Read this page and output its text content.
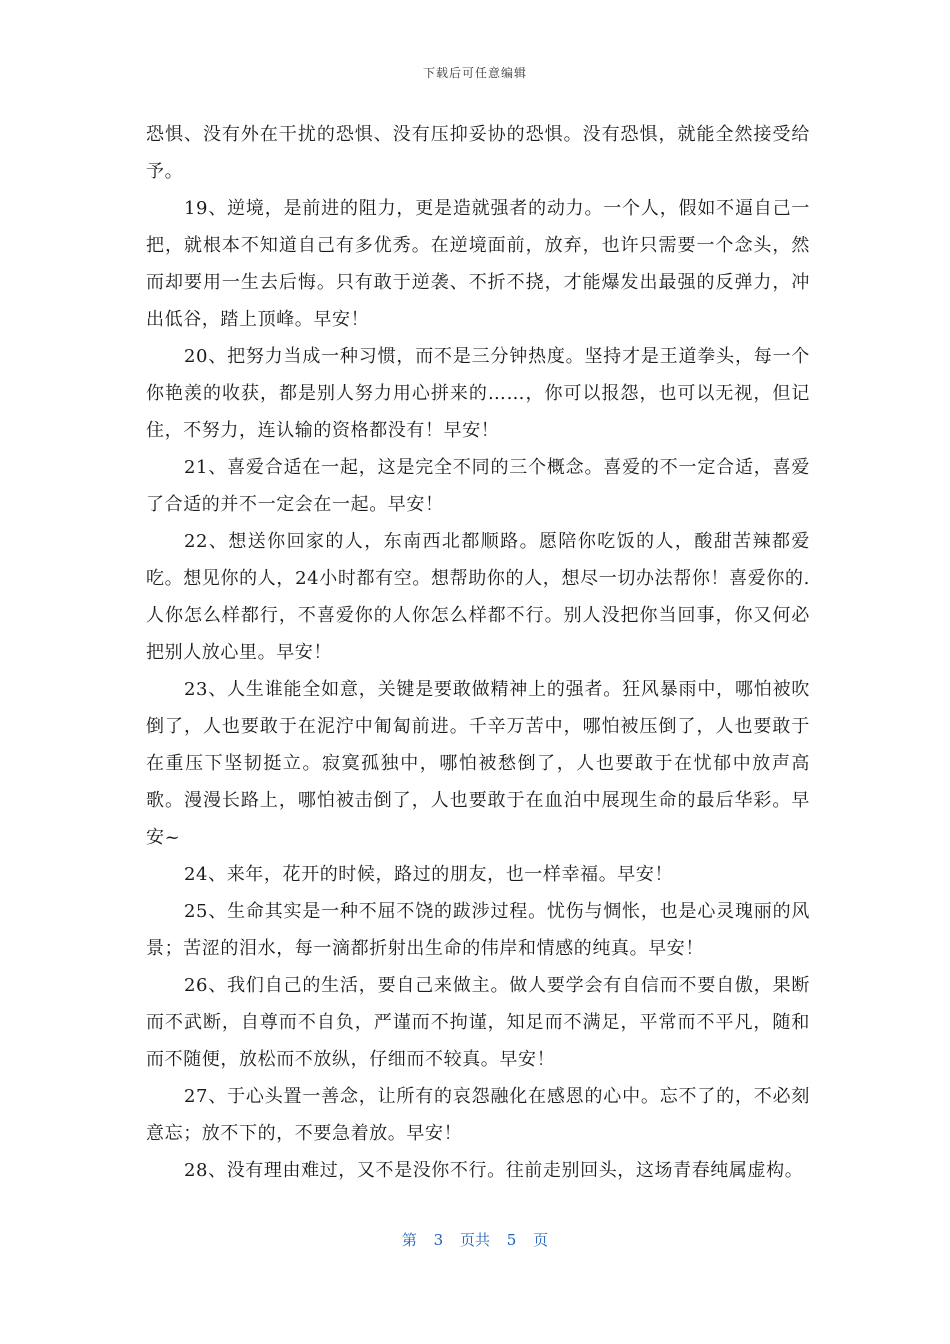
下载后可任意编辑

恐惧、没有外在干扰的恐惧、没有压抑妥协的恐惧。没有恐惧，就能全然接受给予。

19、逆境，是前进的阻力，更是造就强者的动力。一个人，假如不逼自己一把，就根本不知道自己有多优秀。在逆境面前，放弃，也许只需要一个念头，然而却要用一生去后悔。只有敢于逆袭、不折不挠，才能爆发出最强的反弹力，冲出低谷，踏上顶峰。早安！

20、把努力当成一种习惯，而不是三分钟热度。坚持才是王道拳头，每一个你艳羡的收获，都是别人努力用心拼来的……，你可以报怨，也可以无视，但记住，不努力，连认输的资格都没有！早安！

21、喜爱合适在一起，这是完全不同的三个概念。喜爱的不一定合适，喜爱了合适的并不一定会在一起。早安！

22、想送你回家的人，东南西北都顺路。愿陪你吃饭的人，酸甜苦辣都爱吃。想见你的人，24小时都有空。想帮助你的人，想尽一切办法帮你！喜爱你的.人你怎么样都行，不喜爱你的人你怎么样都不行。别人没把你当回事，你又何必把别人放心里。早安！

23、人生谁能全如意，关键是要敢做精神上的强者。狂风暴雨中，哪怕被吹倒了，人也要敢于在泥泞中匍匐前进。千辛万苦中，哪怕被压倒了，人也要敢于在重压下坚韧挺立。寂寞孤独中，哪怕被愁倒了，人也要敢于在忧郁中放声高歌。漫漫长路上，哪怕被击倒了，人也要敢于在血泊中展现生命的最后华彩。早安~

24、来年，花开的时候，路过的朋友，也一样幸福。早安！

25、生命其实是一种不屈不饶的跋涉过程。忧伤与惆怅，也是心灵瑰丽的风景；苦涩的泪水，每一滴都折射出生命的伟岸和情感的纯真。早安！

26、我们自己的生活，要自己来做主。做人要学会有自信而不要自傲，果断而不武断，自尊而不自负，严谨而不拘谨，知足而不满足，平常而不平凡，随和而不随便，放松而不放纵，仔细而不较真。早安！

27、于心头置一善念，让所有的哀怨融化在感恩的心中。忘不了的，不必刻意忘；放不下的，不要急着放。早安！

28、没有理由难过，又不是没你不行。往前走别回头，这场青春纯属虚构。

第 3 页共 5 页
